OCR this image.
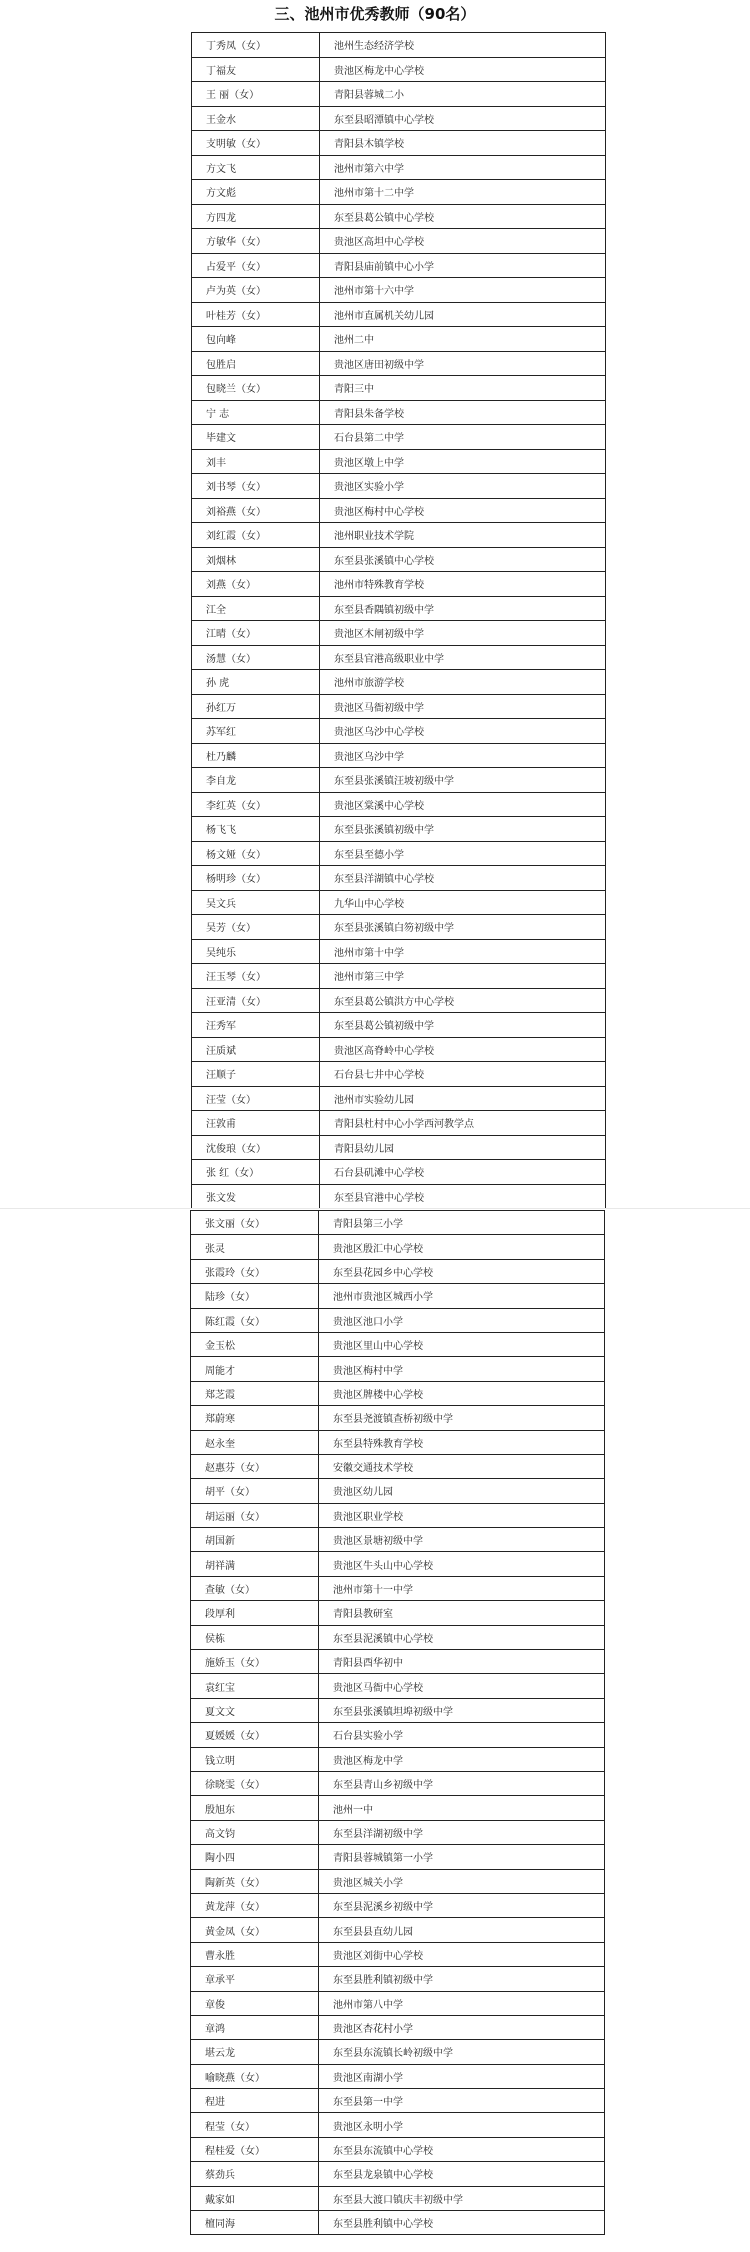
三、池州市优秀教师（90名）
丁秀凤（女）	池州生态经济学校
丁福友	贵池区梅龙中心学校
王 丽（女）	青阳县蓉城二小
王金水	东至县昭潭镇中心学校
支明敏（女）	青阳县木镇学校
方文飞	池州市第六中学
方文彪	池州市第十二中学
方四龙	东至县葛公镇中心学校
方敏华（女）	贵池区高坦中心学校
占爱平（女）	青阳县庙前镇中心小学
卢为英（女）	池州市第十六中学
叶桂芳（女）	池州市直属机关幼儿园
包向峰	池州二中
包胜启	贵池区唐田初级中学
包晓兰（女）	青阳三中
宁 志	青阳县朱备学校
毕建文	石台县第二中学
刘丰	贵池区墩上中学
刘书琴（女）	贵池区实验小学
刘裕燕（女）	贵池区梅村中心学校
刘红霞（女）	池州职业技术学院
刘烟林	东至县张溪镇中心学校
刘燕（女）	池州市特殊教育学校
江全	东至县香隅镇初级中学
江晴（女）	贵池区木闸初级中学
汤慧（女）	东至县官港高级职业中学
孙 虎	池州市旅游学校
孙红万	贵池区马衙初级中学
苏军红	贵池区乌沙中心学校
杜乃麟	贵池区乌沙中学
李自龙	东至县张溪镇汪坡初级中学
李红英（女）	贵池区棠溪中心学校
杨飞飞	东至县张溪镇初级中学
杨文娅（女）	东至县至德小学
杨明珍（女）	东至县洋湖镇中心学校
吴文兵	九华山中心学校
吴芳（女）	东至县张溪镇白笏初级中学
吴纯乐	池州市第十中学
汪玉琴（女）	池州市第三中学
汪亚清（女）	东至县葛公镇洪方中心学校
汪秀军	东至县葛公镇初级中学
汪质斌	贵池区高脊岭中心学校
汪顺子	石台县七井中心学校
汪莹（女）	池州市实验幼儿园
汪敦甫	青阳县杜村中心小学西河教学点
沈俊琅（女）	青阳县幼儿园
张 红（女）	石台县矶滩中心学校
张文发	东至县官港中心学校
张文丽（女）	青阳县第三小学
张灵	贵池区殷汇中心学校
张霞玲（女）	东至县花园乡中心学校
陆珍（女）	池州市贵池区城西小学
陈红霞（女）	贵池区池口小学
金玉松	贵池区里山中心学校
周能才	贵池区梅村中学
郑芝霞	贵池区牌楼中心学校
郑蔚寒	东至县尧渡镇查桥初级中学
赵永奎	东至县特殊教育学校
赵惠芬（女）	安徽交通技术学校
胡平（女）	贵池区幼儿园
胡运丽（女）	贵池区职业学校
胡国新	贵池区景塘初级中学
胡祥满	贵池区牛头山中心学校
查敏（女）	池州市第十一中学
段厚利	青阳县教研室
侯栋	东至县泥溪镇中心学校
施娇玉（女）	青阳县酉华初中
袁红宝	贵池区马衙中心学校
夏文文	东至县张溪镇坦埠初级中学
夏媛媛（女）	石台县实验小学
钱立明	贵池区梅龙中学
徐晓雯（女）	东至县青山乡初级中学
殷旭东	池州一中
高文钧	东至县洋湖初级中学
陶小四	青阳县蓉城镇第一小学
陶新英（女）	贵池区城关小学
黄龙萍（女）	东至县泥溪乡初级中学
黄金凤（女）	东至县县直幼儿园
曹永胜	贵池区刘街中心学校
章承平	东至县胜利镇初级中学
章俊	池州市第八中学
章鸿	贵池区杏花村小学
堪云龙	东至县东流镇长岭初级中学
喻晓燕（女）	贵池区南湖小学
程进	东至县第一中学
程莹（女）	贵池区永明小学
程桂爱（女）	东至县东流镇中心学校
蔡劲兵	东至县龙泉镇中心学校
戴家如	东至县大渡口镇庆丰初级中学
檀同海	东至县胜利镇中心学校
